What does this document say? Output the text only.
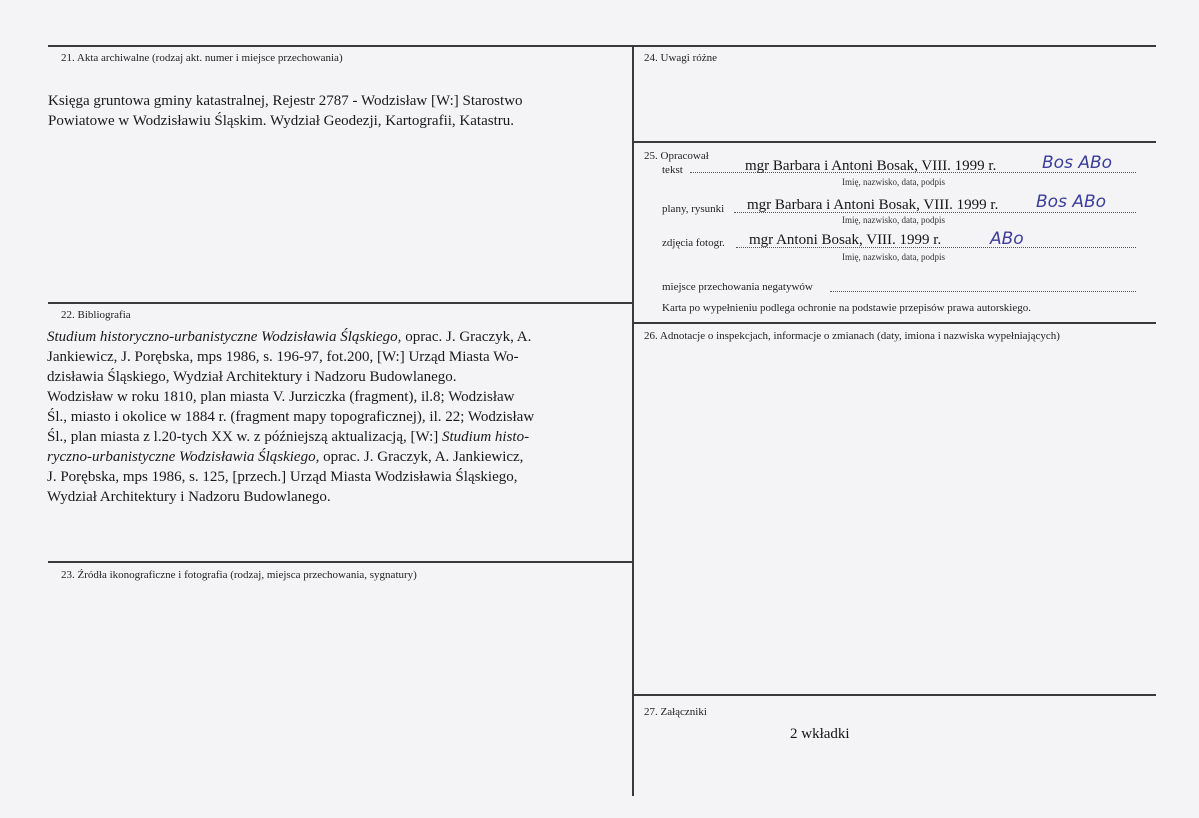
21. Akta archiwalne (rodzaj akt. numer i miejsce przechowania)
Księga gruntowa gminy katastralnej, Rejestr 2787 - Wodzisław [W:] Starostwo
Powiatowe w Wodzisławiu Śląskim. Wydział Geodezji, Kartografii, Katastru.
22. Bibliografia
Studium historyczno-urbanistyczne Wodzisławia Śląskiego, oprac. J. Graczyk, A.
Jankiewicz, J. Porębska, mps 1986, s. 196-97, fot.200, [W:] Urząd Miasta Wo-
dzisławia Śląskiego, Wydział Architektury i Nadzoru Budowlanego.
Wodzisław w roku 1810, plan miasta V. Jurziczka (fragment), il.8; Wodzisław
Śl., miasto i okolice w 1884 r. (fragment mapy topograficznej), il. 22; Wodzisław
Śl., plan miasta z l.20-tych XX w. z późniejszą aktualizacją, [W:] Studium histo-
ryczno-urbanistyczne Wodzisławia Śląskiego, oprac. J. Graczyk, A. Jankiewicz,
J. Porębska, mps 1986, s. 125, [przech.] Urząd Miasta Wodzisławia Śląskiego,
Wydział Architektury i Nadzoru Budowlanego.
23. Źródła ikonograficzne i fotografia (rodzaj, miejsca przechowania, sygnatury)
24. Uwagi różne
25. Opracował
tekst	mgr Barbara i Antoni Bosak, VIII. 1999 r.	Bos ABo
Imię, nazwisko, data, podpis
plany, rysunki mgr Barbara i Antoni Bosak, VIII. 1999 r. Bos ABo
Imię, nazwisko, data, podpis
zdjęcia fotogr. mgr Antoni Bosak, VIII. 1999 r.	ABo
Imię, nazwisko, data, podpis
miejsce przechowania negatywów
Karta po wypełnieniu podlega ochronie na podstawie przepisów prawa autorskiego.
26. Adnotacje o inspekcjach, informacje o zmianach (daty, imiona i nazwiska wypełniających)
27. Załączniki
2 wkładki
